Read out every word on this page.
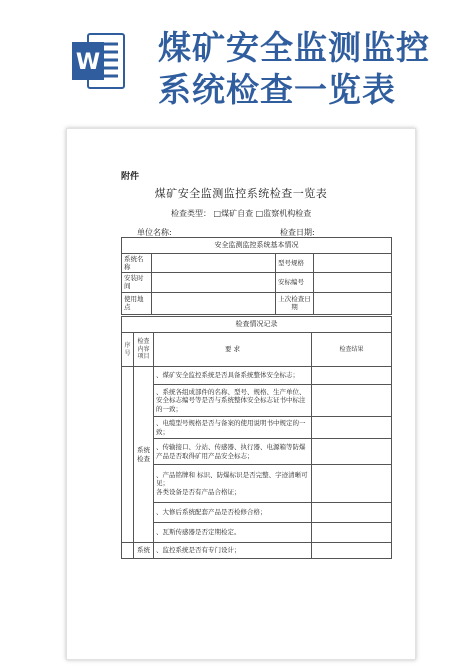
W 煤矿安全监测监控
系统检查一览表
附件
煤矿安全监测监控系统检查一览表
检查类型： □煤矿自查 □监察机构检查
单位名称:	检查日期:
安全监测监控系统基本情况			
系统名称		型号规格	
安装时间		安标编号	
使用地点		上次检查日期	
检查情况记录			
序号	检查内容项目	要 求	检查结果
	系统检查	、煤矿安全监控系统是否具备系统整体安全标志；	
		、系统各组成部件的名称、型号、规格、生产单位、安全标志编号等是否与系统整体安全标志证书中标注的一致；	
		、电缆型号规格是否与备案的使用说明书中规定的一致；	
		、传输接口、分站、传感器、执行器、电源箱等防爆产品是否取得矿用产品安全标志；	
		、产品铭牌和 标识、防爆标识是否完整、字迹清晰可见；
各类设备是否有产品合格证；	
		、大修后系统配套产品是否检修合格；	
		、瓦斯传感器是否定期检定。	
	系统	、监控系统是否有专门设计；	
